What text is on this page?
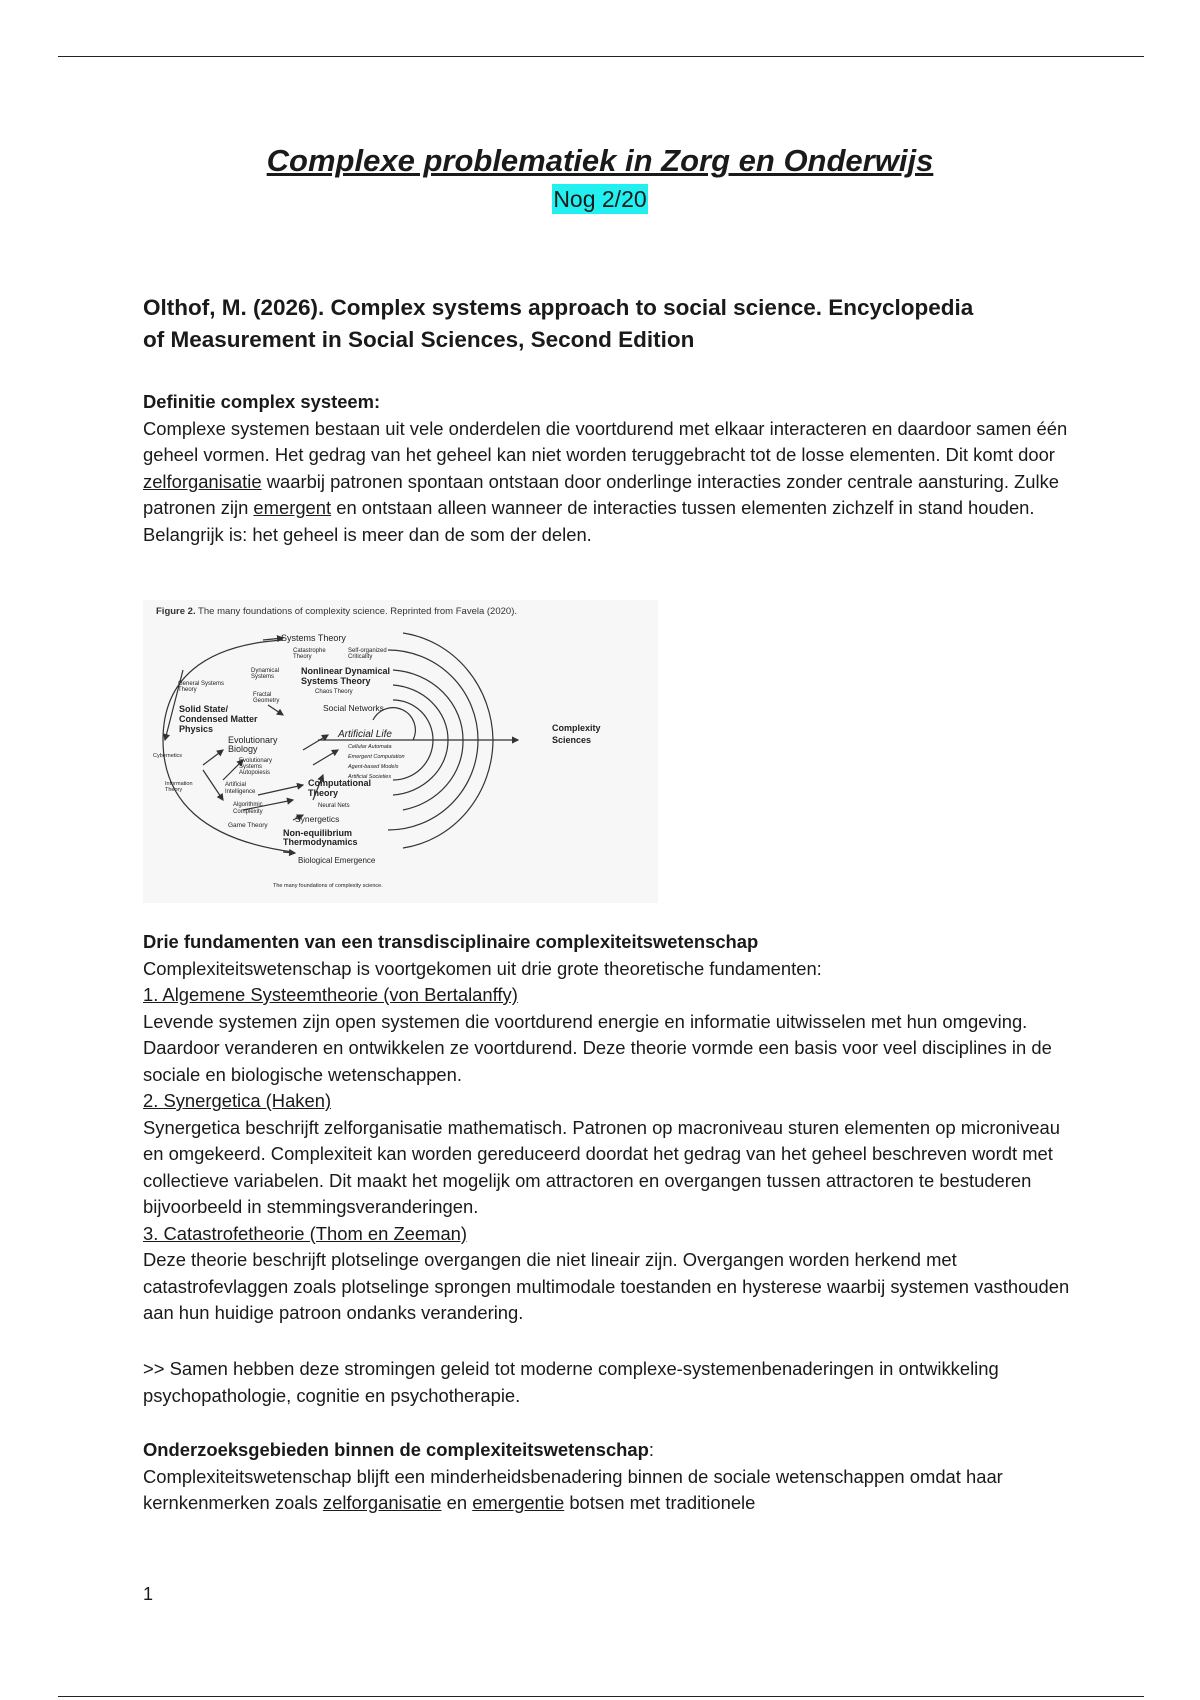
Complexe problematiek in Zorg en Onderwijs
Nog 2/20
Olthof, M. (2026). Complex systems approach to social science. Encyclopedia
of Measurement in Social Sciences, Second Edition

Definitie complex systeem:

Complexe systemen bestaan uit vele onderdelen die voortdurend met elkaar interacteren en daardoor samen één geheel vormen. Het gedrag van het geheel kan niet worden teruggebracht tot de losse elementen. Dit komt door zelforganisatie waarbij patronen spontaan ontstaan door onderlinge interacties zonder centrale aansturing. Zulke patronen zijn emergent en ontstaan alleen wanneer de interacties tussen elementen zichzelf in stand houden. Belangrijk is: het geheel is meer dan de som der delen.

Figure 2. The many foundations of complexity science. Reprinted from Favela (2020).
Systems Theory
Catastrophe
Theory
Self-organized
Criticality
Dynamical
Systems
Nonlinear Dynamical
Systems Theory
Chaos Theory
General Systems
Theory
Fractal
Geometry
Social Networks
Solid State/
Condensed Matter
Physics	Artificial Life
Complexity
Sciences
Evolutionary
Biology	Cellular Automata
Emergent Computation
Agent-based Models
Artificial Societies
Cybernetics
Evolutionary
Systems
Autopoiesis
Information
Theory
Artificial
Intelligence
Computational
Theory
Neural Nets
Algorithmic
Complexity
Synergetics
Game Theory
Non-equilibrium
Thermodynamics
Biological Emergence
The many foundations of complexity science.

Drie fundamenten van een transdisciplinaire complexiteitswetenschap

Complexiteitswetenschap is voortgekomen uit drie grote theoretische fundamenten:

1. Algemene Systeemtheorie (von Bertalanffy)

Levende systemen zijn open systemen die voortdurend energie en informatie uitwisselen met hun omgeving. Daardoor veranderen en ontwikkelen ze voortdurend. Deze theorie vormde een basis voor veel disciplines in de sociale en biologische wetenschappen.

2. Synergetica (Haken)

Synergetica beschrijft zelforganisatie mathematisch. Patronen op macroniveau sturen elementen op microniveau en omgekeerd. Complexiteit kan worden gereduceerd doordat het gedrag van het geheel beschreven wordt met collectieve variabelen. Dit maakt het mogelijk om attractoren en overgangen tussen attractoren te bestuderen bijvoorbeeld in stemmingsveranderingen.

3. Catastrofetheorie (Thom en Zeeman)

Deze theorie beschrijft plotselinge overgangen die niet lineair zijn. Overgangen worden herkend met catastrofevlaggen zoals plotselinge sprongen multimodale toestanden en hysterese waarbij systemen vasthouden aan hun huidige patroon ondanks verandering.

>> Samen hebben deze stromingen geleid tot moderne complexe-systemenbenaderingen in ontwikkeling psychopathologie, cognitie en psychotherapie.

Onderzoeksgebieden binnen de complexiteitswetenschap:

Complexiteitswetenschap blijft een minderheidsbenadering binnen de sociale wetenschappen omdat haar kernkenmerken zoals zelforganisatie en emergentie botsen met traditionele

1
